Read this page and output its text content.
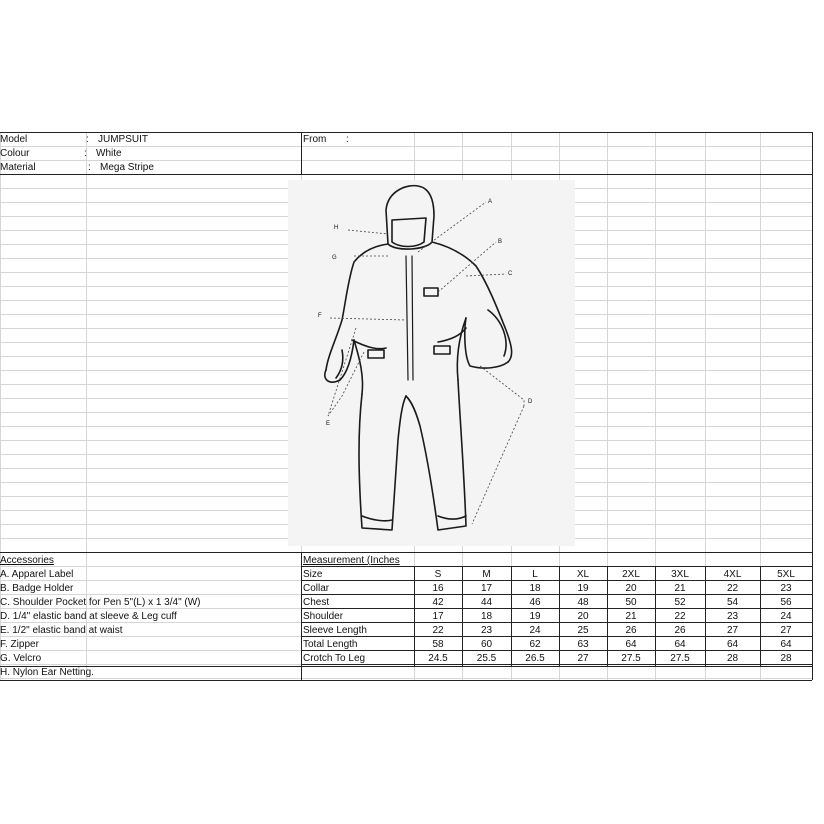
Model	: JUMPSUIT
Colour	: White
Material	: Mega Stripe
From :
A
B
C
D
E
F
G
H
Accessories
A. Apparel Label
B. Badge Holder
C. Shoulder Pocket for Pen 5"(L) x 1 3/4" (W)
D. 1/4" elastic band at sleeve & Leg cuff
E. 1/2" elastic band at waist
F. Zipper
G. Velcro
H. Nylon Ear Netting.
Measurement (Inches
Size	S	M	L	XL	2XL	3XL	4XL	5XL
Collar	16	17	18	19	20	21	22	23
Chest	42	44	46	48	50	52	54	56
Shoulder	17	18	19	20	21	22	23	24
Sleeve Length	22	23	24	25	26	26	27	27
Total Length	58	60	62	63	64	64	64	64
Crotch To Leg	24.5	25.5	26.5	27	27.5	27.5	28	28
